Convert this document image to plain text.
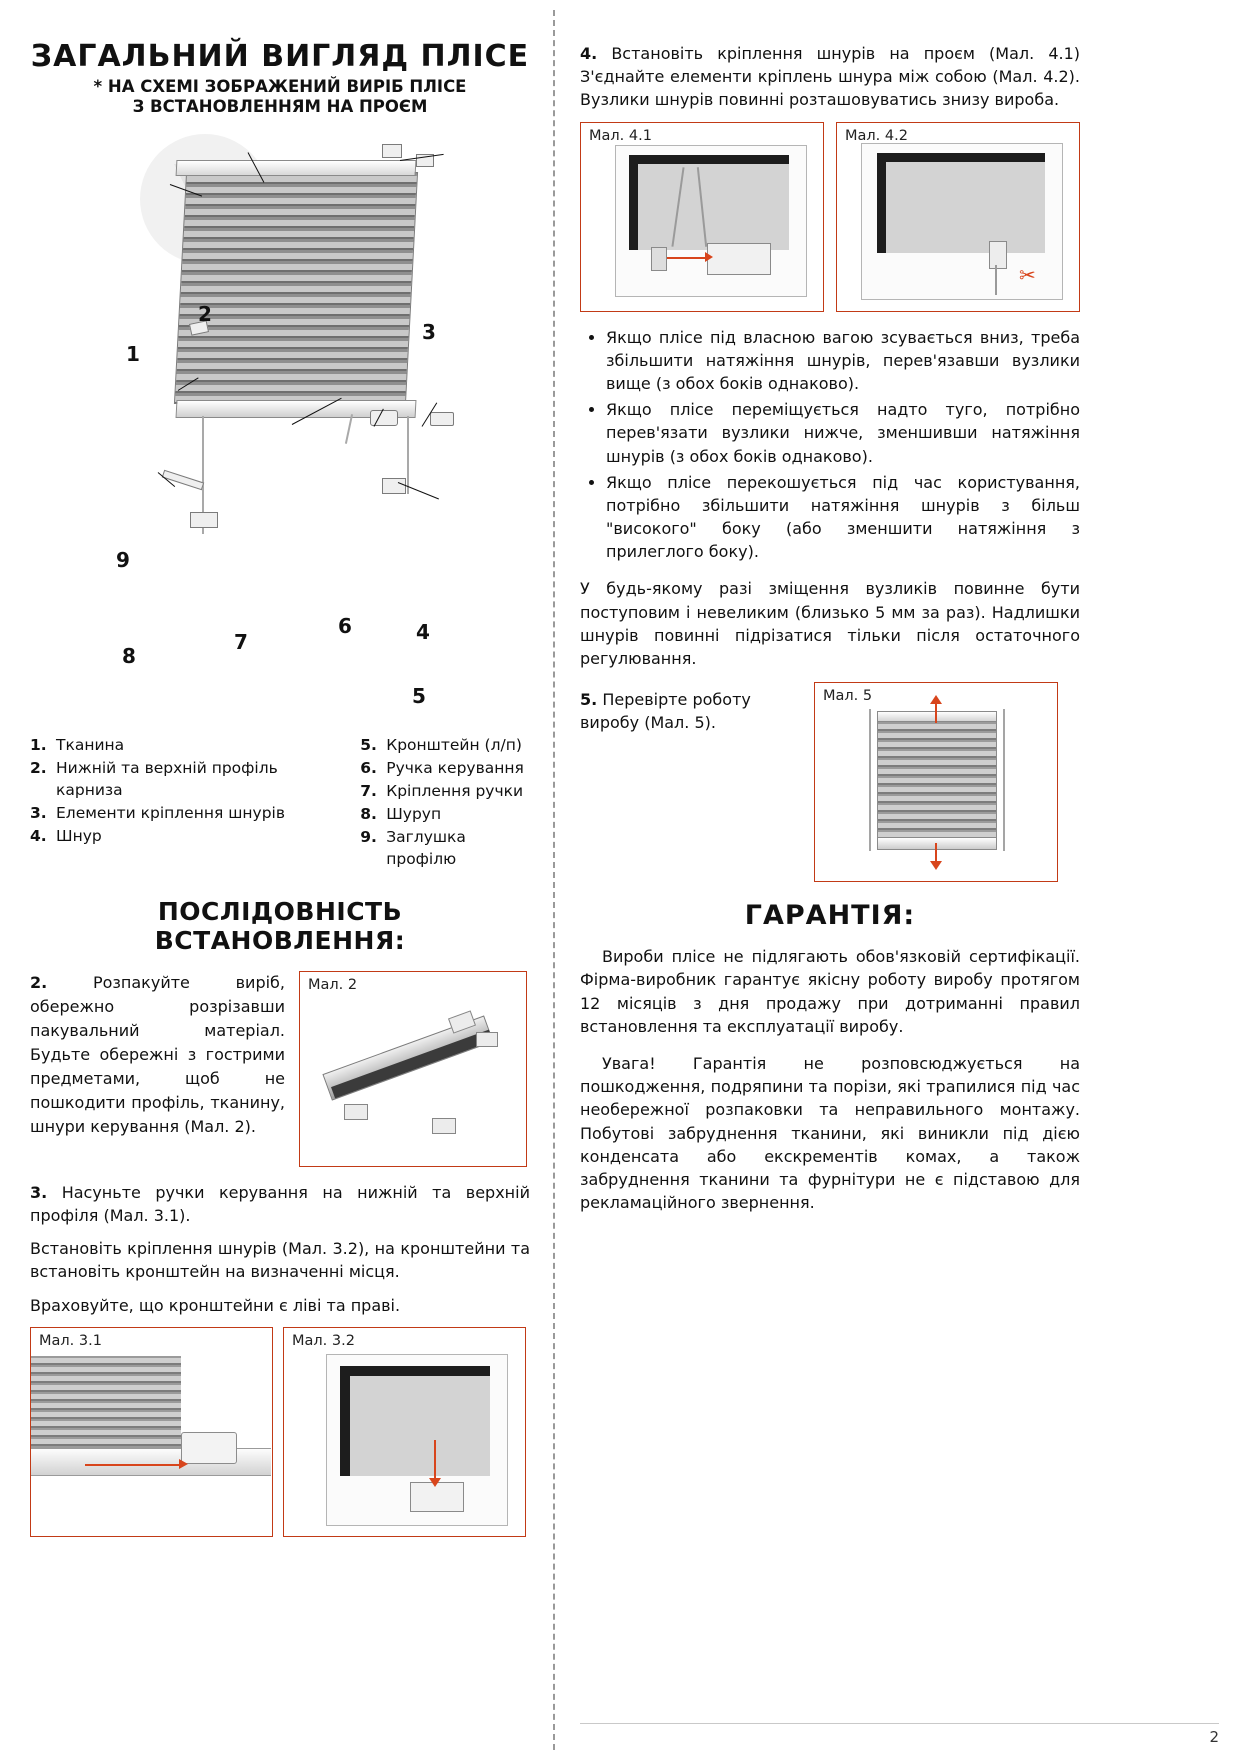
ЗАГАЛЬНИЙ ВИГЛЯД ПЛІСЕ
* НА СХЕМІ ЗОБРАЖЕНИЙ ВИРІБ ПЛІСЕ
З ВСТАНОВЛЕННЯМ НА ПРОЄМ
1
2
3
4
5
6
7
8
9
1. Тканина
2. Нижній та верхній профіль карниза
3. Елементи кріплення шнурів
4. Шнур
5. Кронштейн (л/п)
6. Ручка керування
7. Кріплення ручки
8. Шуруп
9. Заглушка профілю
ПОСЛІДОВНІСТЬ ВСТАНОВЛЕННЯ:
2.	Розпакуйте виріб, обережно розрізавши пакувальний матеріал. Будьте обережні з гострими предметами, щоб не пошкодити профіль, тканину, шнури керування (Мал. 2).
Мал. 2

3. Насуньте ручки керування на нижній та верхній профіля (Мал. 3.1).

Встановіть кріплення шнурів (Мал. 3.2), на кронштейни та встановіть кронштейн на визначенні місця.

Враховуйте, що кронштейни є ліві та праві.

Мал. 3.1	Мал. 3.2

4. Встановіть кріплення шнурів на проєм (Мал. 4.1) З'єднайте елементи кріплень шнура між собою (Мал. 4.2). Вузлики шнурів повинні розташовуватись знизу виробa.

Мал. 4.1	Мал. 4.2
✂
• Якщо пліcе під власною вагою зсувається вниз, треба збільшити натяжіння шнурів, перев'язавши вузлики вище (з обох боків однаково).
• Якщо пліcе переміщується надто туго, потрібно перев'язати вузлики нижче, зменшивши натяжіння шнурів (з обох боків однаково).
• Якщо пліcе перекошується під час користування, потрібно збільшити натяжіння шнурів з більш "високого" боку (або зменшити натяжіння з прилеглого боку).

У будь-якому разі зміщення вузликів повинне бути поступовим і невеликим (близько 5 мм за раз). Надлишки шнурів повинні підрізатися тільки після остаточного регулювання.

5. Перевірте роботу виробу (Мал. 5).
Мал. 5
ГАРАНТІЯ:

Вироби пліcе не підлягають обов'язковій сертифікації. Фірма-виробник гарантує якісну роботу виробу протягом 12 місяців з дня продажу при дотриманні правил встановлення та експлуатації виробу.

Увага! Гарантія не розповсюджується на пошкодження, подряпини та порізи, які трапилися під час необережної розпаковки та неправильного монтажу. Побутові забруднення тканини, які виникли під дією конденсата або екскрементів комах, а також забруднення тканини та фурнітури не є підставою для рекламаційного звернення.

2
